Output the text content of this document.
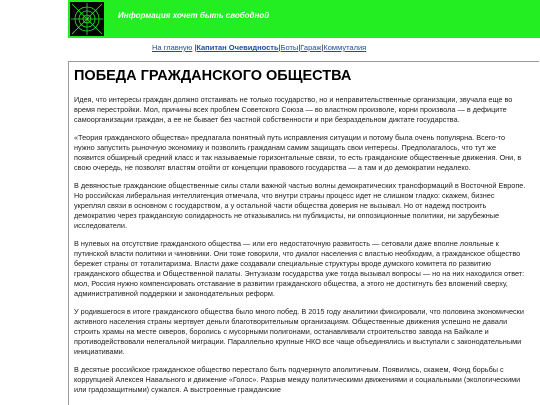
Информация хочет быть свободной
На главную |Капитан Очевидность|Боты|Гараж|Коммуталия
ПОБЕДА ГРАЖДАНСКОГО ОБЩЕСТВА

Идея, что интересы граждан должно отстаивать не только государство, но и неправительственные организации, звучала еще во время перестройки. Мол, причины всех проблем Советского Союза — во властном произволе, корни произвола — в дефиците самоорганизации граждан, а ее не бывает без частной собственности и при безраздельном диктате государства.

«Теория гражданского общества» предлагала понятный путь исправления ситуации и потому была очень популярна. Всего-то нужно запустить рыночную экономику и позволить гражданам самим защищать свои интересы. Предполагалось, что тут же появится обширный средний класс и так называемые горизонтальные связи, то есть гражданские общественные движения. Они, в свою очередь, не позволят властям отойти от концепции правового государства — а там и до демократии недалеко.

В девяностые гражданские общественные силы стали важной частью волны демократических трансформаций в Восточной Европе. Но российская либеральная интеллигенция отмечала, что внутри страны процесс идет не слишком гладко: скажем, бизнес укреплял связи в основном с государством, а у остальной части общества доверия не вызывал. Но от надежд построить демократию через гражданскую солидарность не отказывались ни публицисты, ни оппозиционные политики, ни зарубежные исследователи.

В нулевых на отсутствие гражданского общества — или его недостаточную развитость — сетовали даже вполне лояльные к путинской власти политики и чиновники. Они тоже говорили, что диалог населения с властью необходим, а гражданское общество бережет страны от тоталитаризма. Власти даже создавали специальные структуры вроде думского комитета по развитию гражданского общества и Общественной палаты. Энтузиазм государства уже тогда вызывал вопросы — но на них находился ответ: мол, Россия нужно компенсировать отставание в развитии гражданского общества, а этого не достигнуть без вложений сверху, административной поддержки и законодательных реформ.

У родившегося в итоге гражданского общества было много побед. В 2015 году аналитики фиксировали, что половина экономически активного населения страны жертвует деньги благотворительным организациям. Общественные движения успешно не давали строить храмы на месте скверов, боролись с мусорными полигонами, останавливали строительство завода на Байкале и противодействовали нелегальной миграции. Параллельно крупные НКО все чаще объединялись и выступали с законодательными инициативами.

В десятые российское гражданское общество перестало быть подчеркнуто аполитичным. Появились, скажем, Фонд борьбы с коррупцией Алексея Навального и движение «Голос». Разрыв между политическими движениями и социальными (экологическими или градозащитными) сужался. А выстроенные гражданские
